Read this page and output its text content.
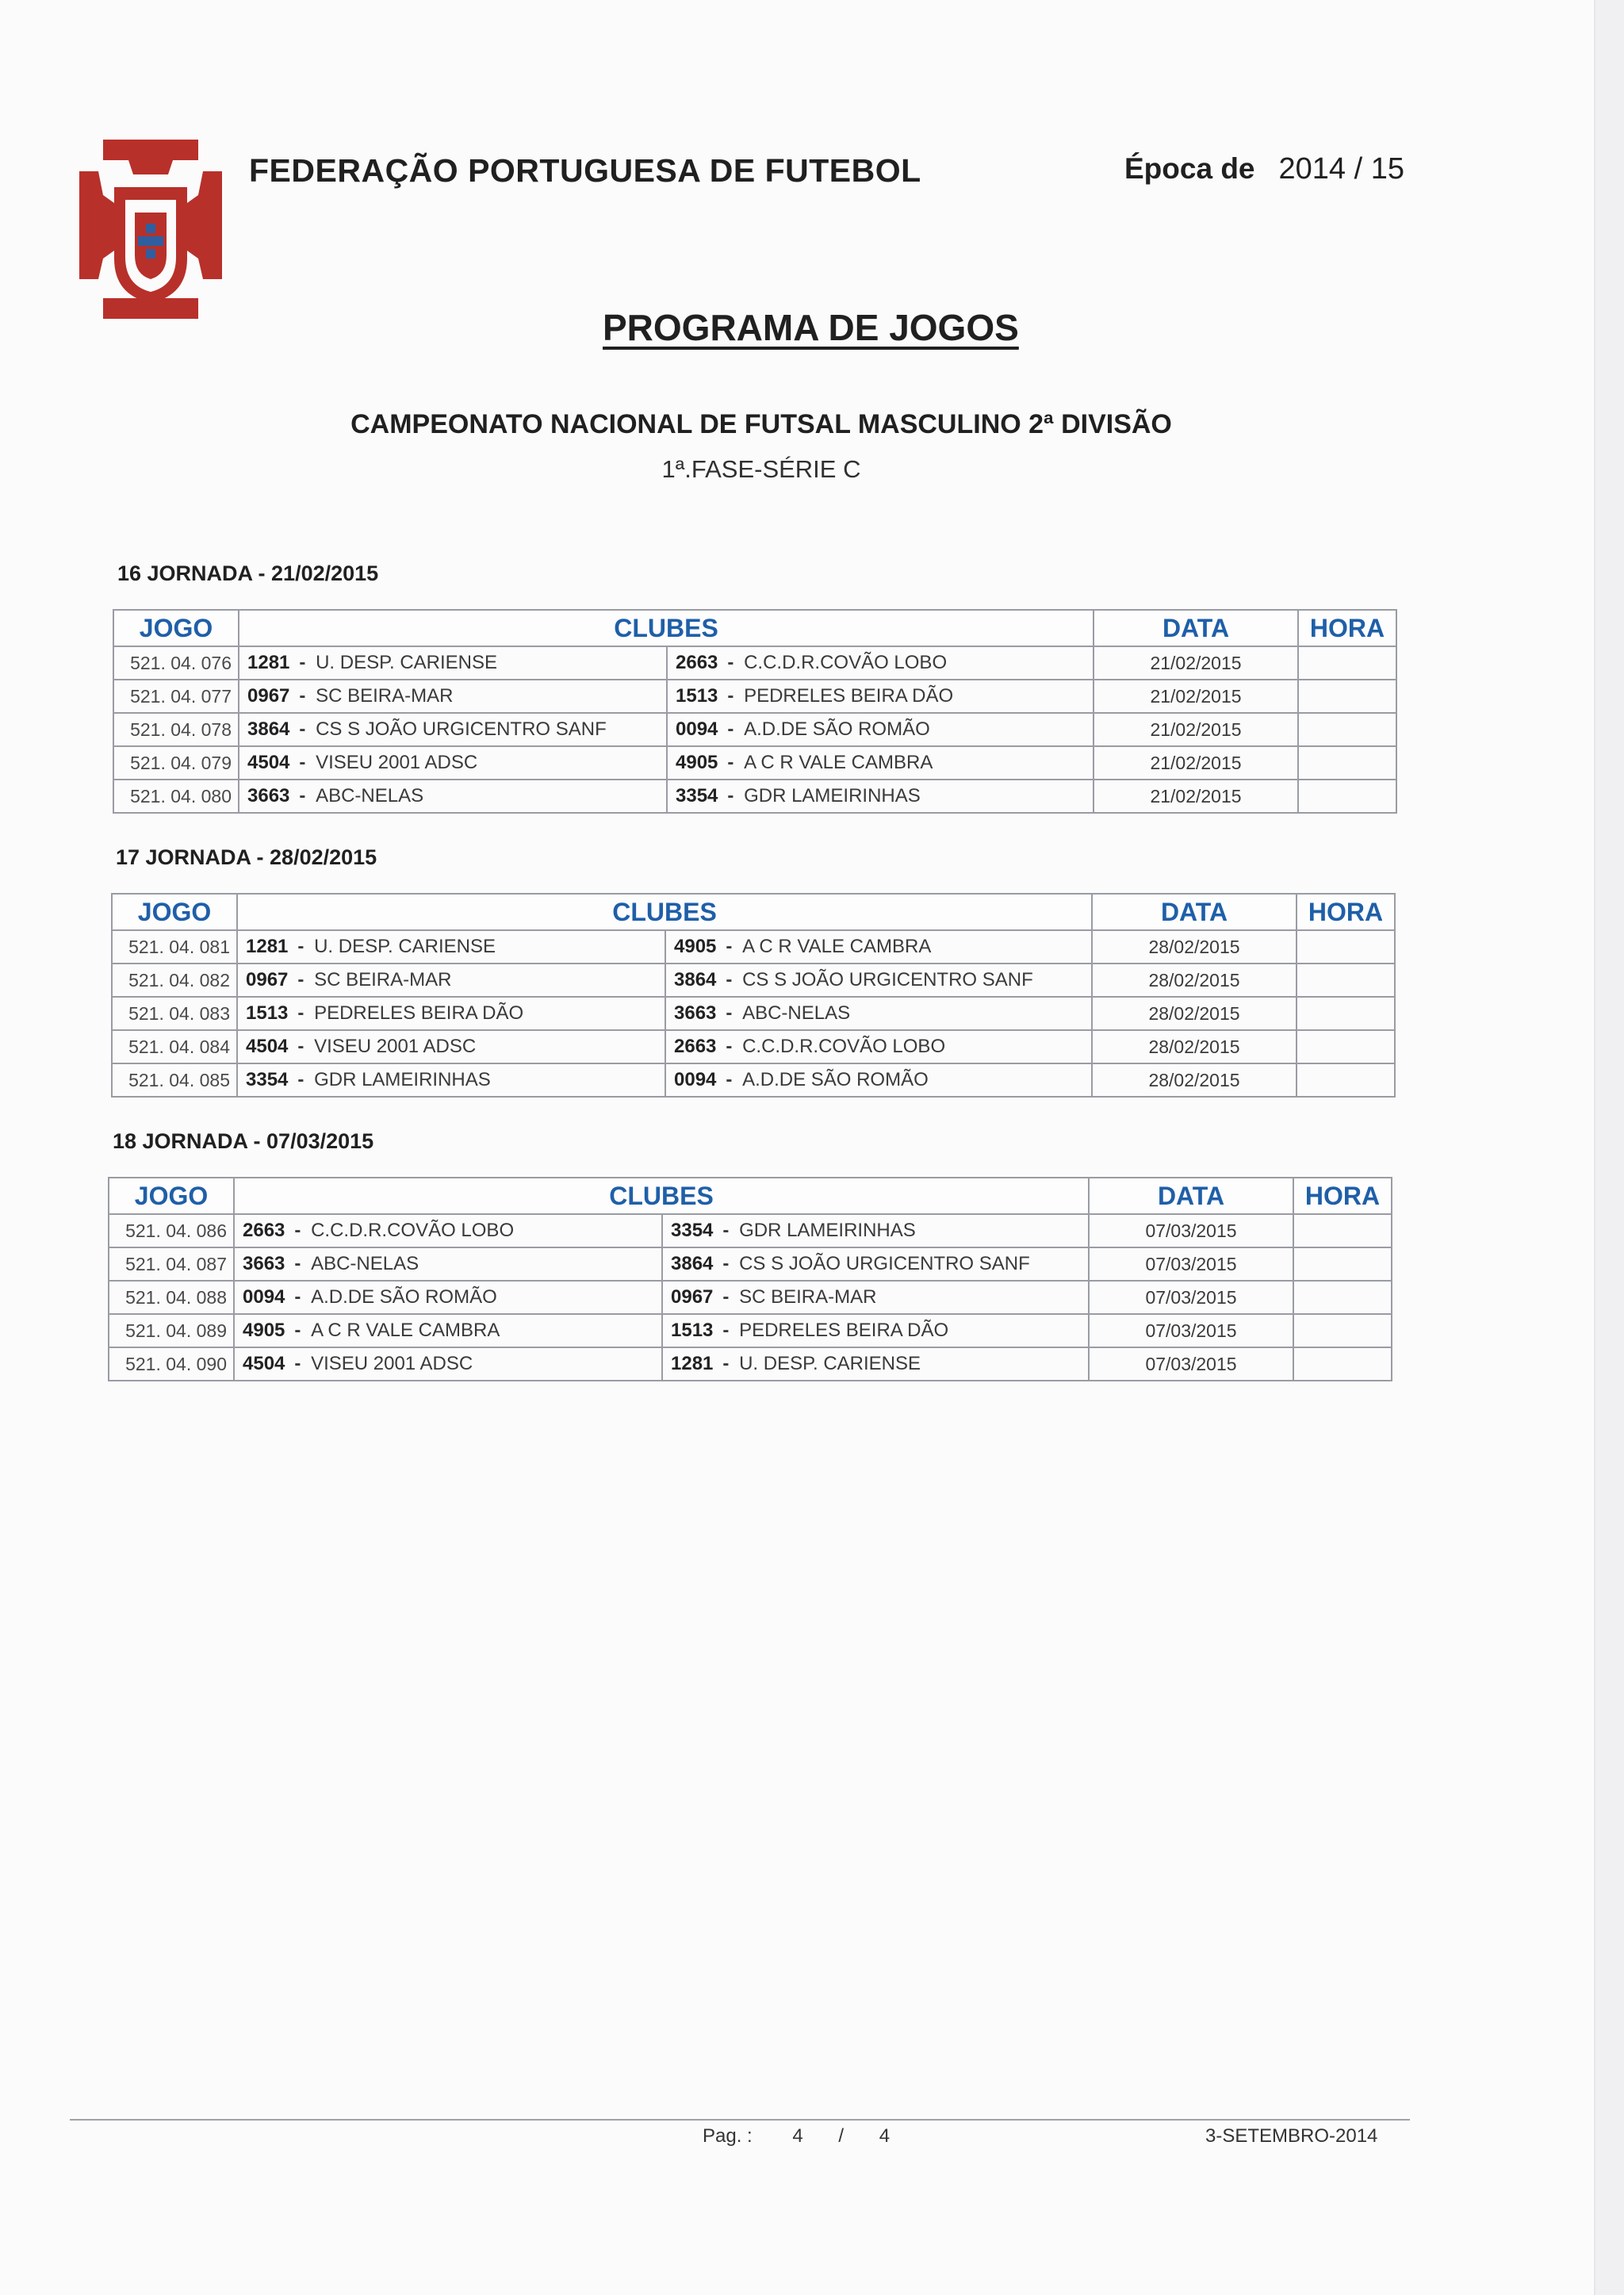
FEDERAÇÃO PORTUGUESA DE FUTEBOL	Época de 2014 / 15
PROGRAMA DE JOGOS
CAMPEONATO NACIONAL DE FUTSAL MASCULINO 2ª DIVISÃO
1ª.FASE-SÉRIE C
16 JORNADA - 21/02/2015
JOGO	CLUBES		DATA	HORA
521. 04. 076	1281 - U. DESP. CARIENSE	2663 - C.C.D.R.COVÃO LOBO	21/02/2015	
521. 04. 077	0967 - SC BEIRA-MAR	1513 - PEDRELES BEIRA DÃO	21/02/2015	
521. 04. 078	3864 - CS S JOÃO URGICENTRO SANF	0094 - A.D.DE SÃO ROMÃO	21/02/2015	
521. 04. 079	4504 - VISEU 2001 ADSC	4905 - A C R VALE CAMBRA	21/02/2015	
521. 04. 080	3663 - ABC-NELAS	3354 - GDR LAMEIRINHAS	21/02/2015	
17 JORNADA - 28/02/2015
JOGO	CLUBES		DATA	HORA
521. 04. 081	1281 - U. DESP. CARIENSE	4905 - A C R VALE CAMBRA	28/02/2015	
521. 04. 082	0967 - SC BEIRA-MAR	3864 - CS S JOÃO URGICENTRO SANF	28/02/2015	
521. 04. 083	1513 - PEDRELES BEIRA DÃO	3663 - ABC-NELAS	28/02/2015	
521. 04. 084	4504 - VISEU 2001 ADSC	2663 - C.C.D.R.COVÃO LOBO	28/02/2015	
521. 04. 085	3354 - GDR LAMEIRINHAS	0094 - A.D.DE SÃO ROMÃO	28/02/2015	
18 JORNADA - 07/03/2015
JOGO	CLUBES		DATA	HORA
521. 04. 086	2663 - C.C.D.R.COVÃO LOBO	3354 - GDR LAMEIRINHAS	07/03/2015	
521. 04. 087	3663 - ABC-NELAS	3864 - CS S JOÃO URGICENTRO SANF	07/03/2015	
521. 04. 088	0094 - A.D.DE SÃO ROMÃO	0967 - SC BEIRA-MAR	07/03/2015	
521. 04. 089	4905 - A C R VALE CAMBRA	1513 - PEDRELES BEIRA DÃO	07/03/2015	
521. 04. 090	4504 - VISEU 2001 ADSC	1281 - U. DESP. CARIENSE	07/03/2015	
Pag. : 4 / 4	3-SETEMBRO-2014
